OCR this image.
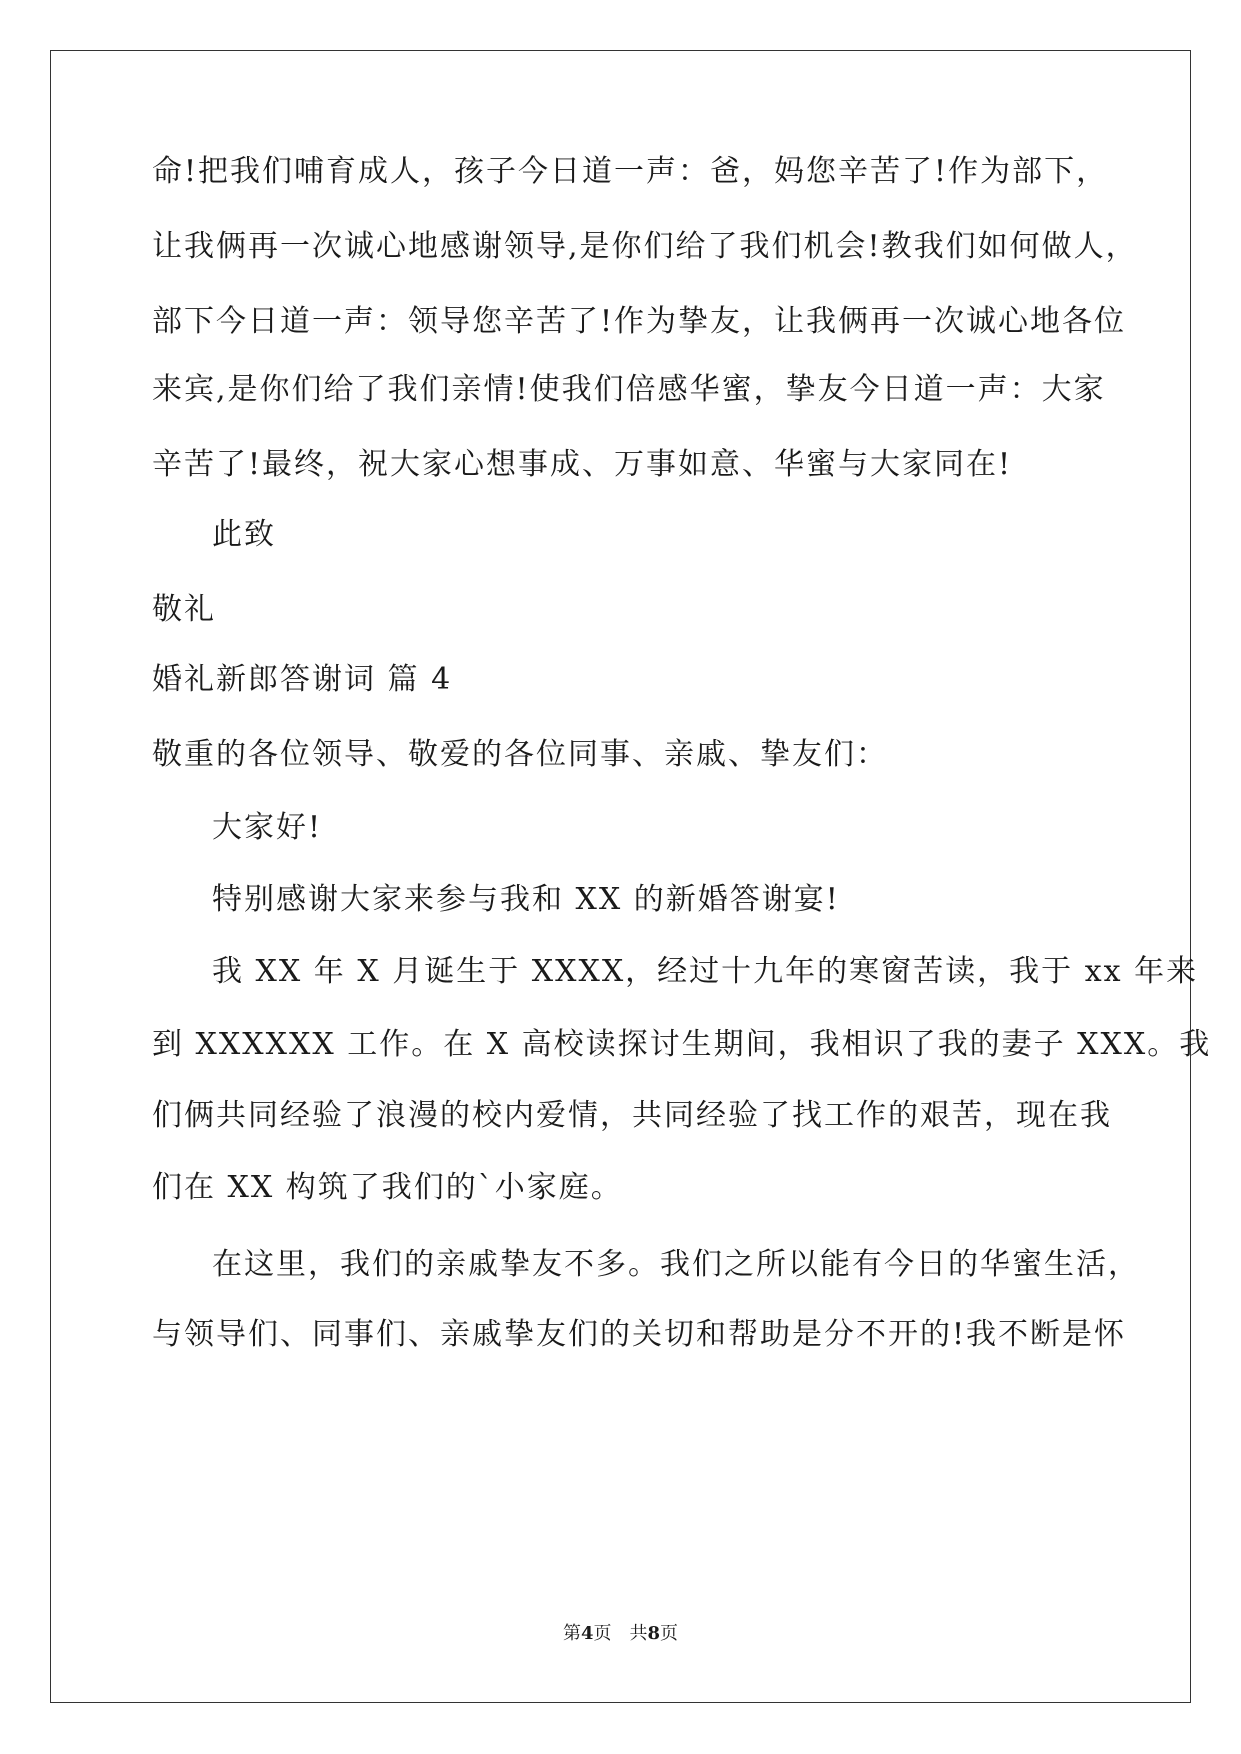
命!把我们哺育成人，孩子今日道一声：爸，妈您辛苦了!作为部下，

让我俩再一次诚心地感谢领导,是你们给了我们机会!教我们如何做人，

部下今日道一声：领导您辛苦了!作为挚友，让我俩再一次诚心地各位

来宾,是你们给了我们亲情!使我们倍感华蜜，挚友今日道一声：大家

辛苦了!最终，祝大家心想事成、万事如意、华蜜与大家同在!

此致

敬礼

婚礼新郎答谢词 篇 4

敬重的各位领导、敬爱的各位同事、亲戚、挚友们：

大家好!

特别感谢大家来参与我和 XX 的新婚答谢宴!

我 XX 年 X 月诞生于 XXXX，经过十九年的寒窗苦读，我于 xx 年来

到 XXXXXX 工作。在 X 高校读探讨生期间，我相识了我的妻子 XXX。我

们俩共同经验了浪漫的校内爱情，共同经验了找工作的艰苦，现在我

们在 XX 构筑了我们的`小家庭。

在这里，我们的亲戚挚友不多。我们之所以能有今日的华蜜生活，

与领导们、同事们、亲戚挚友们的关切和帮助是分不开的!我不断是怀

第4页　共8页
